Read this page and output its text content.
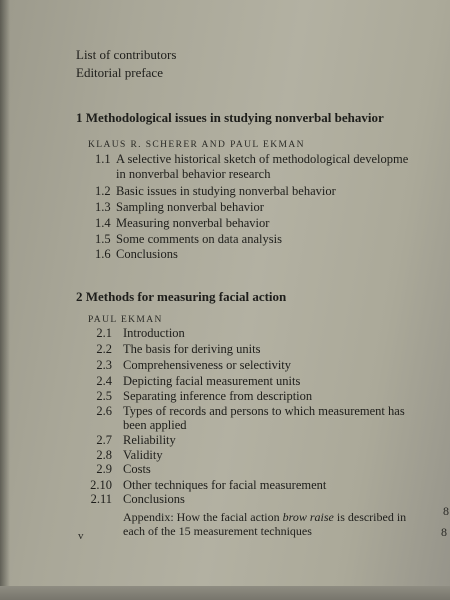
List of contributors
Editorial preface
1 Methodological issues in studying nonverbal behavior
KLAUS R. SCHERER AND PAUL EKMAN
1.1 A selective historical sketch of methodological developme
in nonverbal behavior research
1.2 Basic issues in studying nonverbal behavior
1.3 Sampling nonverbal behavior
1.4 Measuring nonverbal behavior
1.5 Some comments on data analysis
1.6 Conclusions
2 Methods for measuring facial action
PAUL EKMAN
2.1 Introduction
2.2 The basis for deriving units
2.3 Comprehensiveness or selectivity
2.4 Depicting facial measurement units
2.5 Separating inference from description
2.6 Types of records and persons to which measurement has
been applied
2.7 Reliability
2.8 Validity
2.9 Costs
2.10 Other techniques for facial measurement
2.11 Conclusions
Appendix: How the facial action brow raise is described in
each of the 15 measurement techniques
8
8
v
